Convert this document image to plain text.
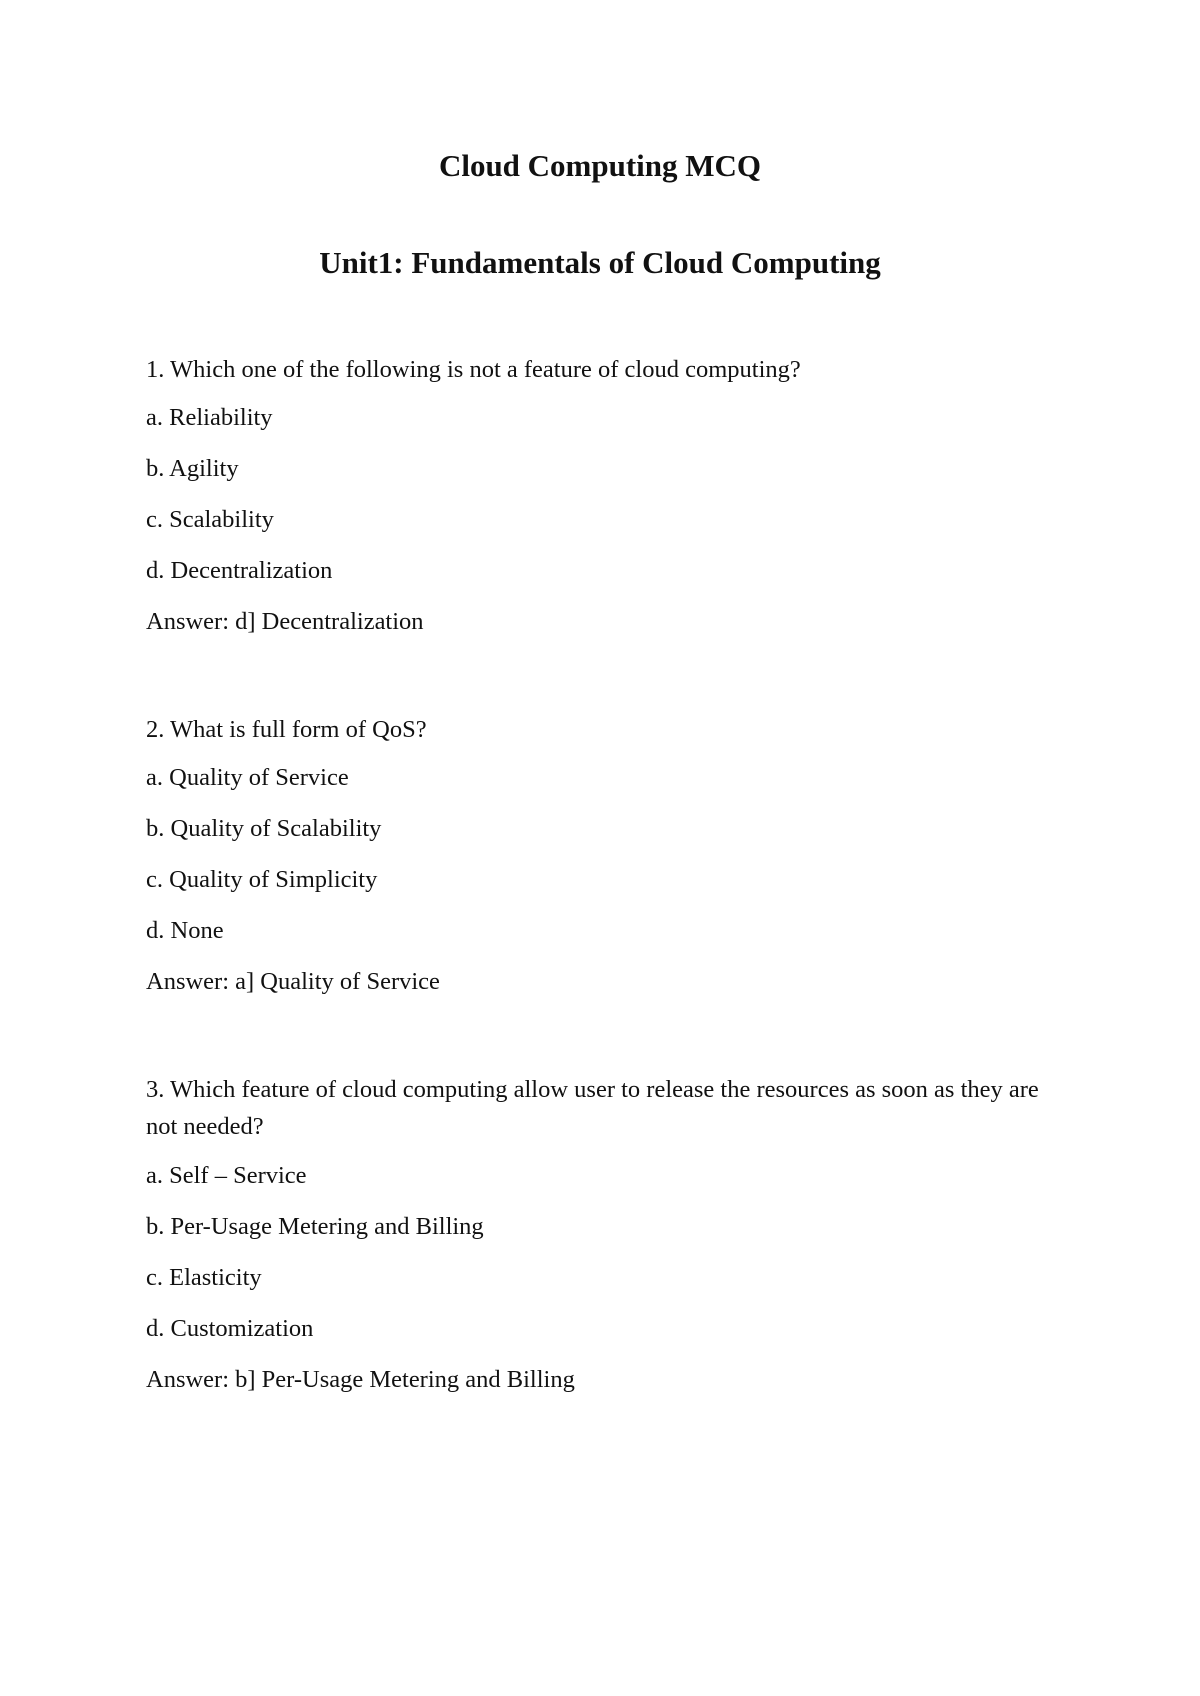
Cloud Computing MCQ
Unit1: Fundamentals of Cloud Computing

1. Which one of the following is not a feature of cloud computing?

a. Reliability

b. Agility

c. Scalability

d. Decentralization

Answer: d] Decentralization

2. What is full form of QoS?

a. Quality of Service

b. Quality of Scalability

c. Quality of Simplicity

d. None

Answer: a] Quality of Service

3. Which feature of cloud computing allow user to release the resources as soon as they are not needed?

a. Self – Service

b. Per-Usage Metering and Billing

c. Elasticity

d. Customization

Answer: b] Per-Usage Metering and Billing
